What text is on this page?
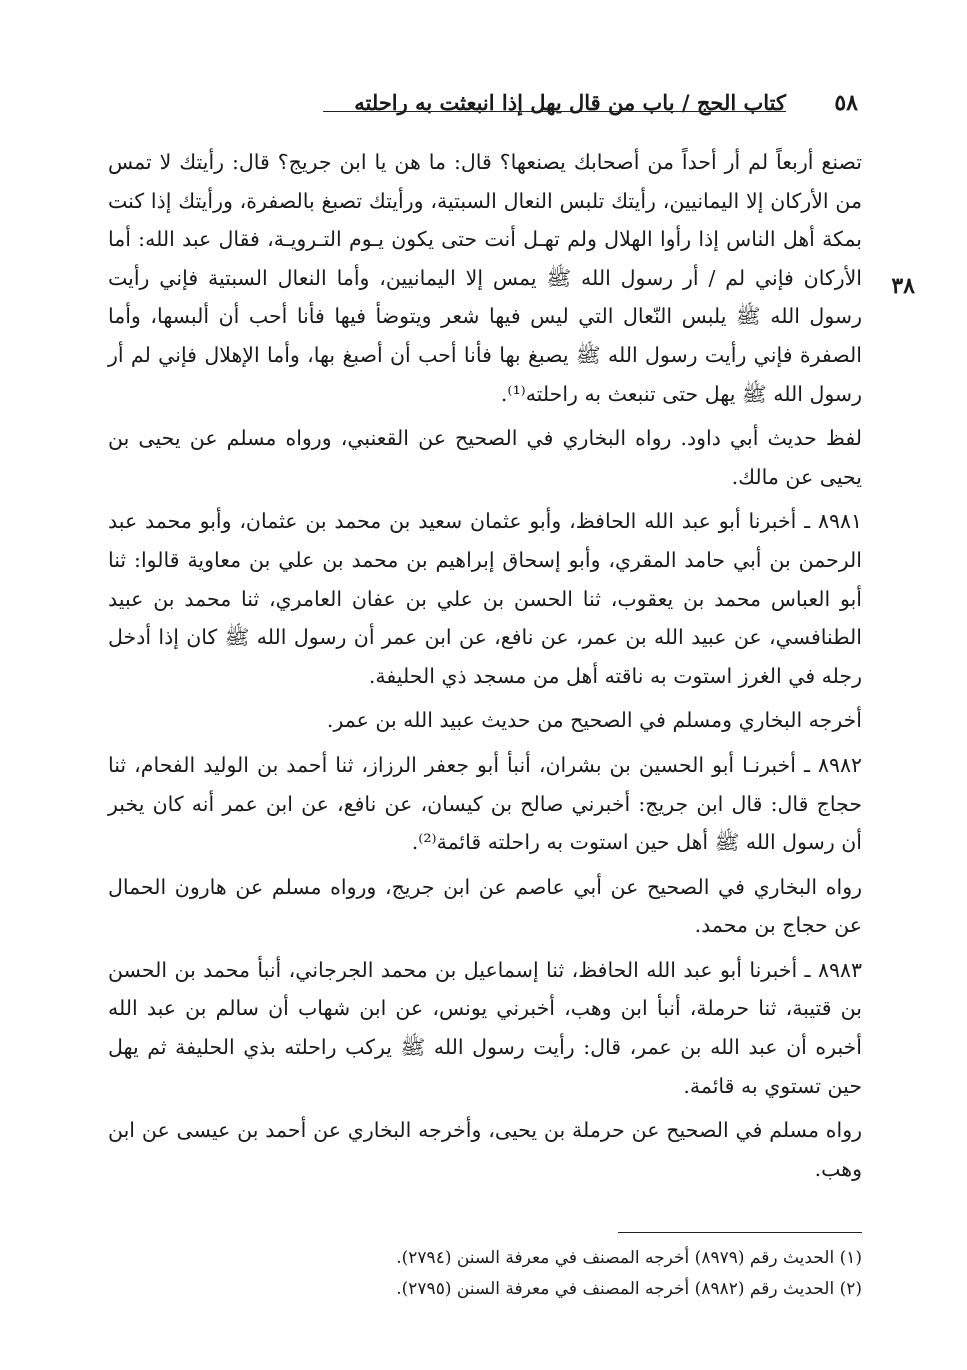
٥٨
كتاب الحج / باب من قال يهل إذا انبعثت به راحلته
٣٨

تصنع أربعاً لم أر أحداً من أصحابك يصنعها؟ قال: ما هن يا ابن جريج؟ قال: رأيتك لا تمس من الأركان إلا اليمانيين، رأيتك تلبس النعال السبتية، ورأيتك تصبغ بالصفرة، ورأيتك إذا كنت بمكة أهل الناس إذا رأوا الهلال ولم تهـل أنت حتى يكون يـوم التـرويـة، فقال عبد الله: أما الأركان فإني لم / أر رسول الله ﷺ يمس إلا اليمانيين، وأما النعال السبتية فإني رأيت رسول الله ﷺ يلبس النّعال التي ليس فيها شعر ويتوضأ فيها فأنا أحب أن ألبسها، وأما الصفرة فإني رأيت رسول الله ﷺ يصبغ بها فأنا أحب أن أصبغ بها، وأما الإهلال فإني لم أر رسول الله ﷺ يهل حتى تنبعث به راحلته⁽¹⁾.

لفظ حديث أبي داود. رواه البخاري في الصحيح عن القعنبي، ورواه مسلم عن يحيى بن يحيى عن مالك.

٨٩٨١ ـ أخبرنا أبو عبد الله الحافظ، وأبو عثمان سعيد بن محمد بن عثمان، وأبو محمد عبد الرحمن بن أبي حامد المقري، وأبو إسحاق إبراهيم بن محمد بن علي بن معاوية قالوا: ثنا أبو العباس محمد بن يعقوب، ثنا الحسن بن علي بن عفان العامري، ثنا محمد بن عبيد الطنافسي، عن عبيد الله بن عمر، عن نافع، عن ابن عمر أن رسول الله ﷺ كان إذا أدخل رجله في الغرز استوت به ناقته أهل من مسجد ذي الحليفة.

أخرجه البخاري ومسلم في الصحيح من حديث عبيد الله بن عمر.

٨٩٨٢ ـ أخبرنـا أبو الحسين بن بشران، أنبأ أبو جعفر الرزاز، ثنا أحمد بن الوليد الفحام، ثنا حجاج قال: قال ابن جريج: أخبرني صالح بن كيسان، عن نافع، عن ابن عمر أنه كان يخبر أن رسول الله ﷺ أهل حين استوت به راحلته قائمة⁽²⁾.

رواه البخاري في الصحيح عن أبي عاصم عن ابن جريج، ورواه مسلم عن هارون الحمال عن حجاج بن محمد.

٨٩٨٣ ـ أخبرنا أبو عبد الله الحافظ، ثنا إسماعيل بن محمد الجرجاني، أنبأ محمد بن الحسن بن قتيبة، ثنا حرملة، أنبأ ابن وهب، أخبرني يونس، عن ابن شهاب أن سالم بن عبد الله أخبره أن عبد الله بن عمر، قال: رأيت رسول الله ﷺ يركب راحلته بذي الحليفة ثم يهل حين تستوي به قائمة.

رواه مسلم في الصحيح عن حرملة بن يحيى، وأخرجه البخاري عن أحمد بن عيسى عن ابن وهب.

(١) الحديث رقم (٨٩٧٩) أخرجه المصنف في معرفة السنن (٢٧٩٤).

(٢) الحديث رقم (٨٩٨٢) أخرجه المصنف في معرفة السنن (٢٧٩٥).
